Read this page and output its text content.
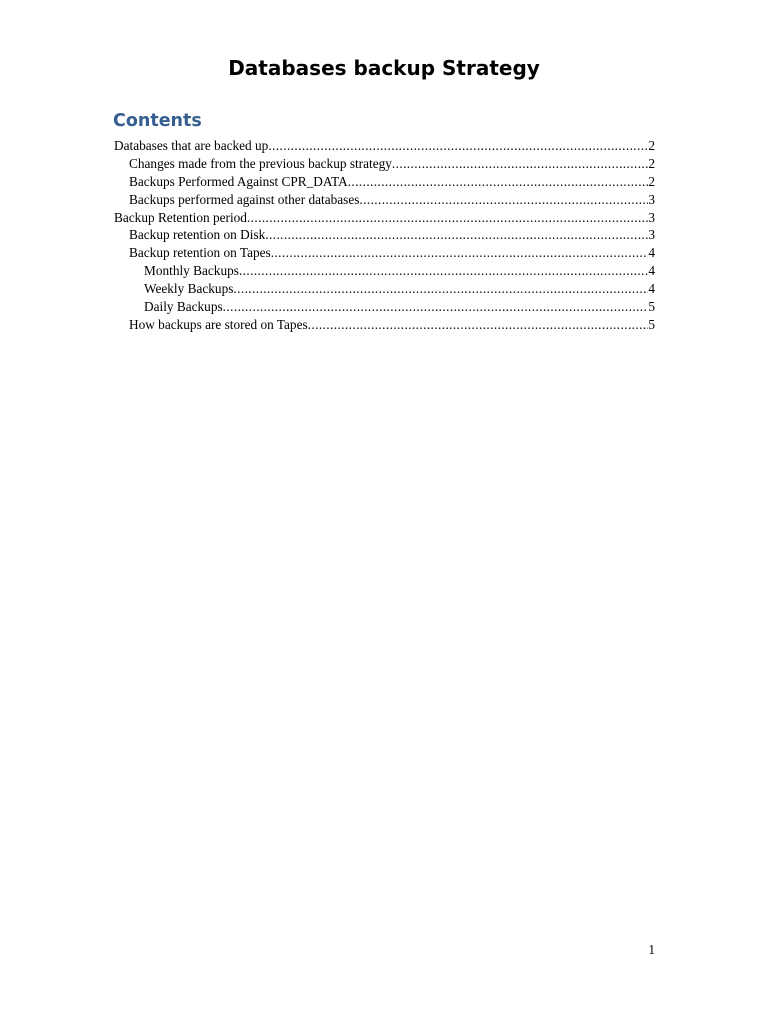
Databases backup Strategy
Contents
Databases that are backed up .....	2
Changes made from the previous backup strategy .....	2
Backups Performed Against CPR_DATA .....	2
Backups performed against other databases .....	3
Backup Retention period .....	3
Backup retention on Disk .....	3
Backup retention on Tapes .....	4
Monthly Backups .....	4
Weekly Backups .....	4
Daily Backups .....	5
How backups are stored on Tapes .....	5
1
